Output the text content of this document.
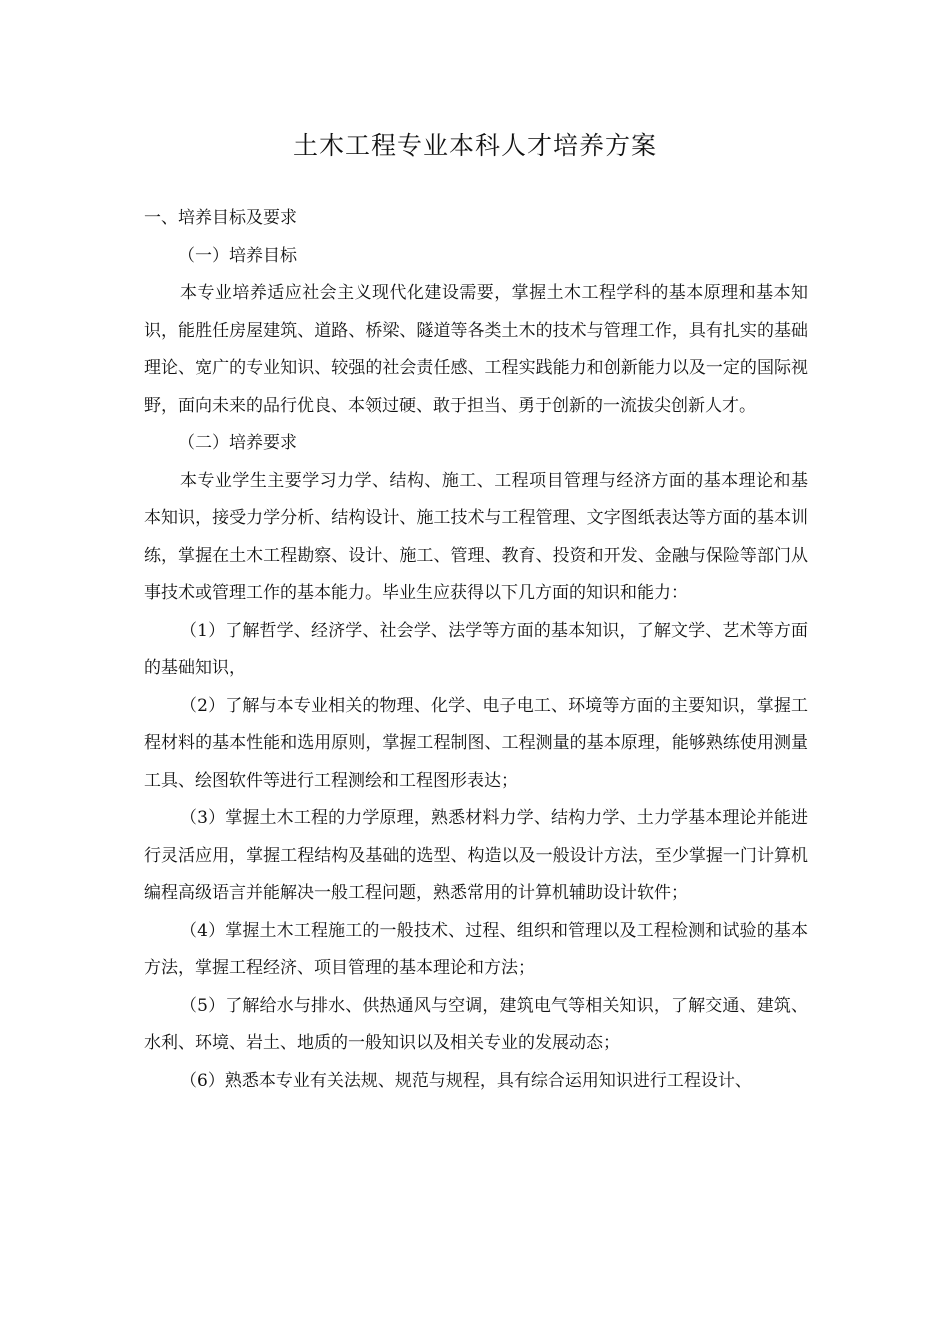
土木工程专业本科人才培养方案

一、培养目标及要求

（一）培养目标

本专业培养适应社会主义现代化建设需要，掌握土木工程学科的基本原理和基本知识，能胜任房屋建筑、道路、桥梁、隧道等各类土木的技术与管理工作，具有扎实的基础理论、宽广的专业知识、较强的社会责任感、工程实践能力和创新能力以及一定的国际视野，面向未来的品行优良、本领过硬、敢于担当、勇于创新的一流拔尖创新人才。

（二）培养要求

本专业学生主要学习力学、结构、施工、工程项目管理与经济方面的基本理论和基本知识，接受力学分析、结构设计、施工技术与工程管理、文字图纸表达等方面的基本训练，掌握在土木工程勘察、设计、施工、管理、教育、投资和开发、金融与保险等部门从事技术或管理工作的基本能力。毕业生应获得以下几方面的知识和能力：

（1）了解哲学、经济学、社会学、法学等方面的基本知识，了解文学、艺术等方面的基础知识，

（2）了解与本专业相关的物理、化学、电子电工、环境等方面的主要知识，掌握工程材料的基本性能和选用原则，掌握工程制图、工程测量的基本原理，能够熟练使用测量工具、绘图软件等进行工程测绘和工程图形表达；

（3）掌握土木工程的力学原理，熟悉材料力学、结构力学、土力学基本理论并能进行灵活应用，掌握工程结构及基础的选型、构造以及一般设计方法，至少掌握一门计算机编程高级语言并能解决一般工程问题，熟悉常用的计算机辅助设计软件；

（4）掌握土木工程施工的一般技术、过程、组织和管理以及工程检测和试验的基本方法，掌握工程经济、项目管理的基本理论和方法；

（5）了解给水与排水、供热通风与空调，建筑电气等相关知识，了解交通、建筑、水利、环境、岩土、地质的一般知识以及相关专业的发展动态；

（6）熟悉本专业有关法规、规范与规程，具有综合运用知识进行工程设计、
